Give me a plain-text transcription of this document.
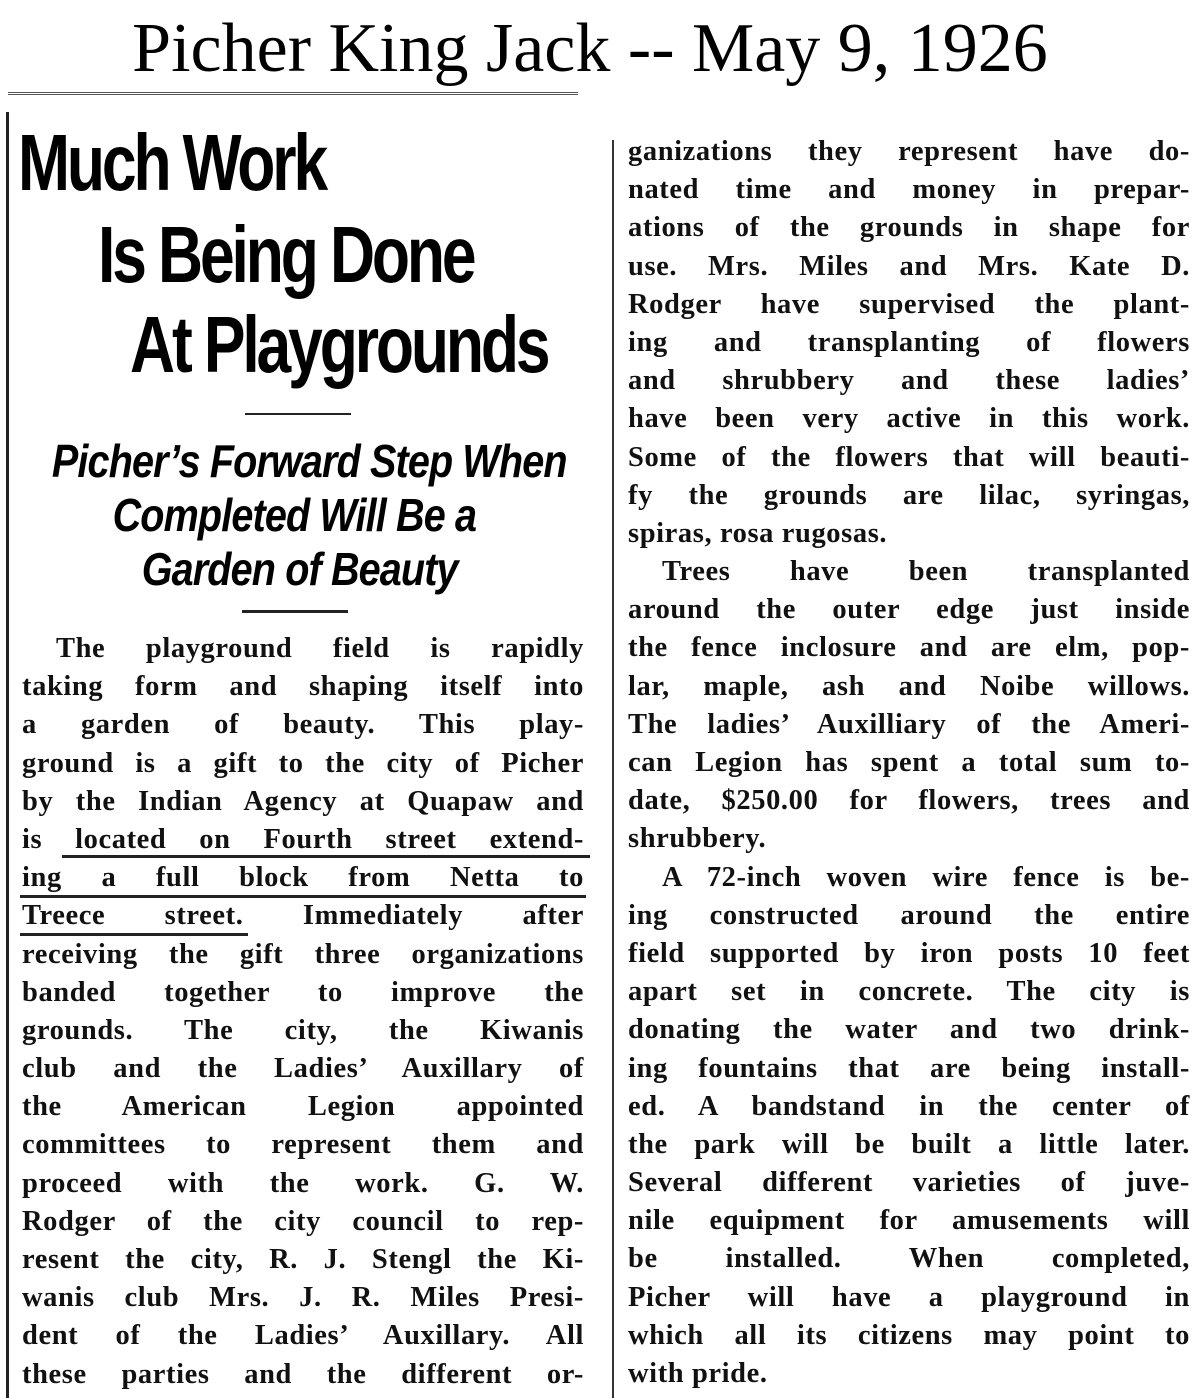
Picher King Jack -- May 9, 1926
Much Work
Is Being Done
At Playgrounds
Picher’s Forward Step When
Completed Will Be a
Garden of Beauty
The playground field is rapidly
taking form and shaping itself into
a garden of beauty. This play-
ground is a gift to the city of Picher
by the Indian Agency at Quapaw and
is located on Fourth street extend-
ing a full block from Netta to
Treece street. Immediately after
receiving the gift three organizations
banded together to improve the
grounds. The city, the Kiwanis
club and the Ladies’ Auxillary of
the American Legion appointed
committees to represent them and
proceed with the work. G. W.
Rodger of the city council to rep-
resent the city, R. J. Stengl the Ki-
wanis club Mrs. J. R. Miles Presi-
dent of the Ladies’ Auxillary. All
these parties and the different or-
ganizations they represent have do-
nated time and money in prepar-
ations of the grounds in shape for
use. Mrs. Miles and Mrs. Kate D.
Rodger have supervised the plant-
ing and transplanting of flowers
and shrubbery and these ladies’
have been very active in this work.
Some of the flowers that will beauti-
fy the grounds are lilac, syringas,
spiras, rosa rugosas.
Trees have been transplanted
around the outer edge just inside
the fence inclosure and are elm, pop-
lar, maple, ash and Noibe willows.
The ladies’ Auxilliary of the Ameri-
can Legion has spent a total sum to-
date, $250.00 for flowers, trees and
shrubbery.
A 72-inch woven wire fence is be-
ing constructed around the entire
field supported by iron posts 10 feet
apart set in concrete. The city is
donating the water and two drink-
ing fountains that are being install-
ed. A bandstand in the center of
the park will be built a little later.
Several different varieties of juve-
nile equipment for amusements will
be installed. When completed,
Picher will have a playground in
which all its citizens may point to
with pride.
